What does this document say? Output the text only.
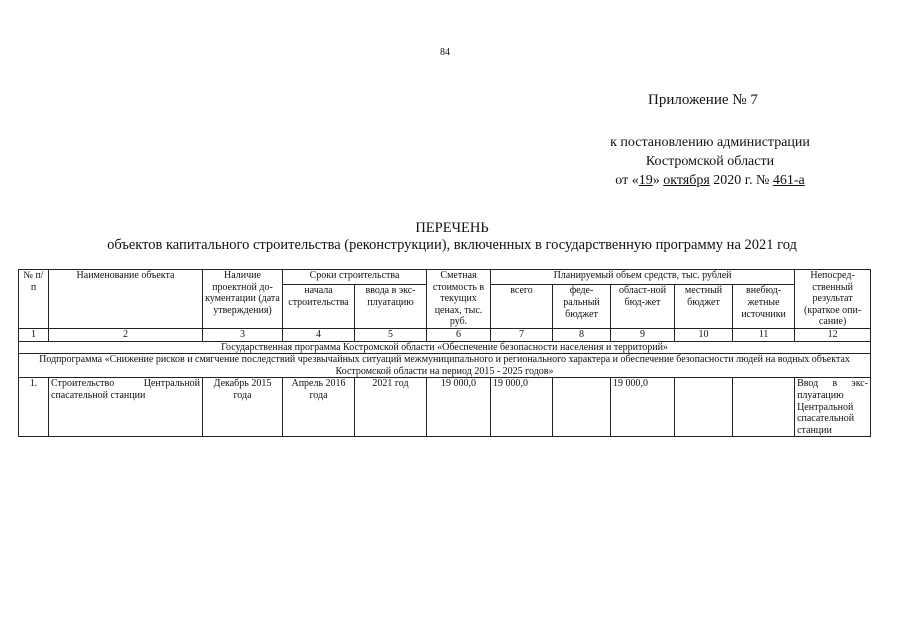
84
Приложение № 7
к постановлению администрации
Костромской области
от «19» октября 2020 г. № 461-а
ПЕРЕЧЕНЬ
объектов капитального строительства (реконструкции), включенных в государственную программу на 2021 год
№ п/п	Наименование объекта	Наличие проектной до-кументации (дата утверждения)	Сроки строительства		Сметная стоимость в текущих ценах, тыс. руб.	Планируемый объем средств, тыс. рублей					Непосред-ственный результат (краткое опи-сание)
			начала строительства	ввода в экс-плуатацию		всего	феде-ральный бюджет	област-ной бюд-жет	местный бюджет	внебюд-жетные источники	
1	2	3	4	5	6	7	8	9	10	11	12
Государственная программа Костромской области «Обеспечение безопасности населения и территорий»											
Подпрограмма «Снижение рисков и смягчение последствий чрезвычайных ситуаций межмуниципального и регионального характера и обеспечение безопасности людей на водных объектах Костромской области на период 2015 - 2025 годов»											
1.	Строительство Центральной спасательной станции	Декабрь 2015 года	Апрель 2016 года	2021 год	19 000,0	19 000,0		19 000,0			Ввод в экс-плуатацию Центральной спасательной станции
